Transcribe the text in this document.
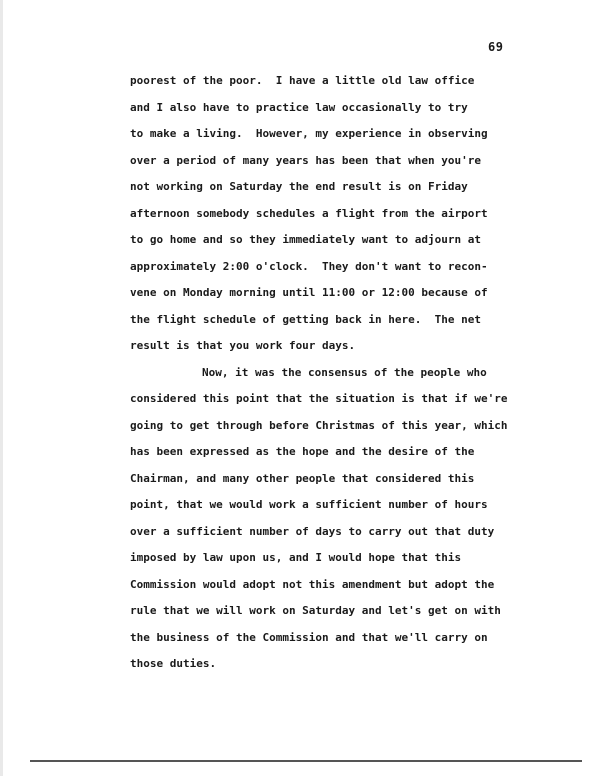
69
poorest of the poor.  I have a little old law office
and I also have to practice law occasionally to try
to make a living.  However, my experience in observing
over a period of many years has been that when you're
not working on Saturday the end result is on Friday
afternoon somebody schedules a flight from the airport
to go home and so they immediately want to adjourn at
approximately 2:00 o'clock.  They don't want to recon-
vene on Monday morning until 11:00 or 12:00 because of
the flight schedule of getting back in here.  The net
result is that you work four days.
Now, it was the consensus of the people who
considered this point that the situation is that if we're
going to get through before Christmas of this year, which
has been expressed as the hope and the desire of the
Chairman, and many other people that considered this
point, that we would work a sufficient number of hours
over a sufficient number of days to carry out that duty
imposed by law upon us, and I would hope that this
Commission would adopt not this amendment but adopt the
rule that we will work on Saturday and let's get on with
the business of the Commission and that we'll carry on
those duties.
